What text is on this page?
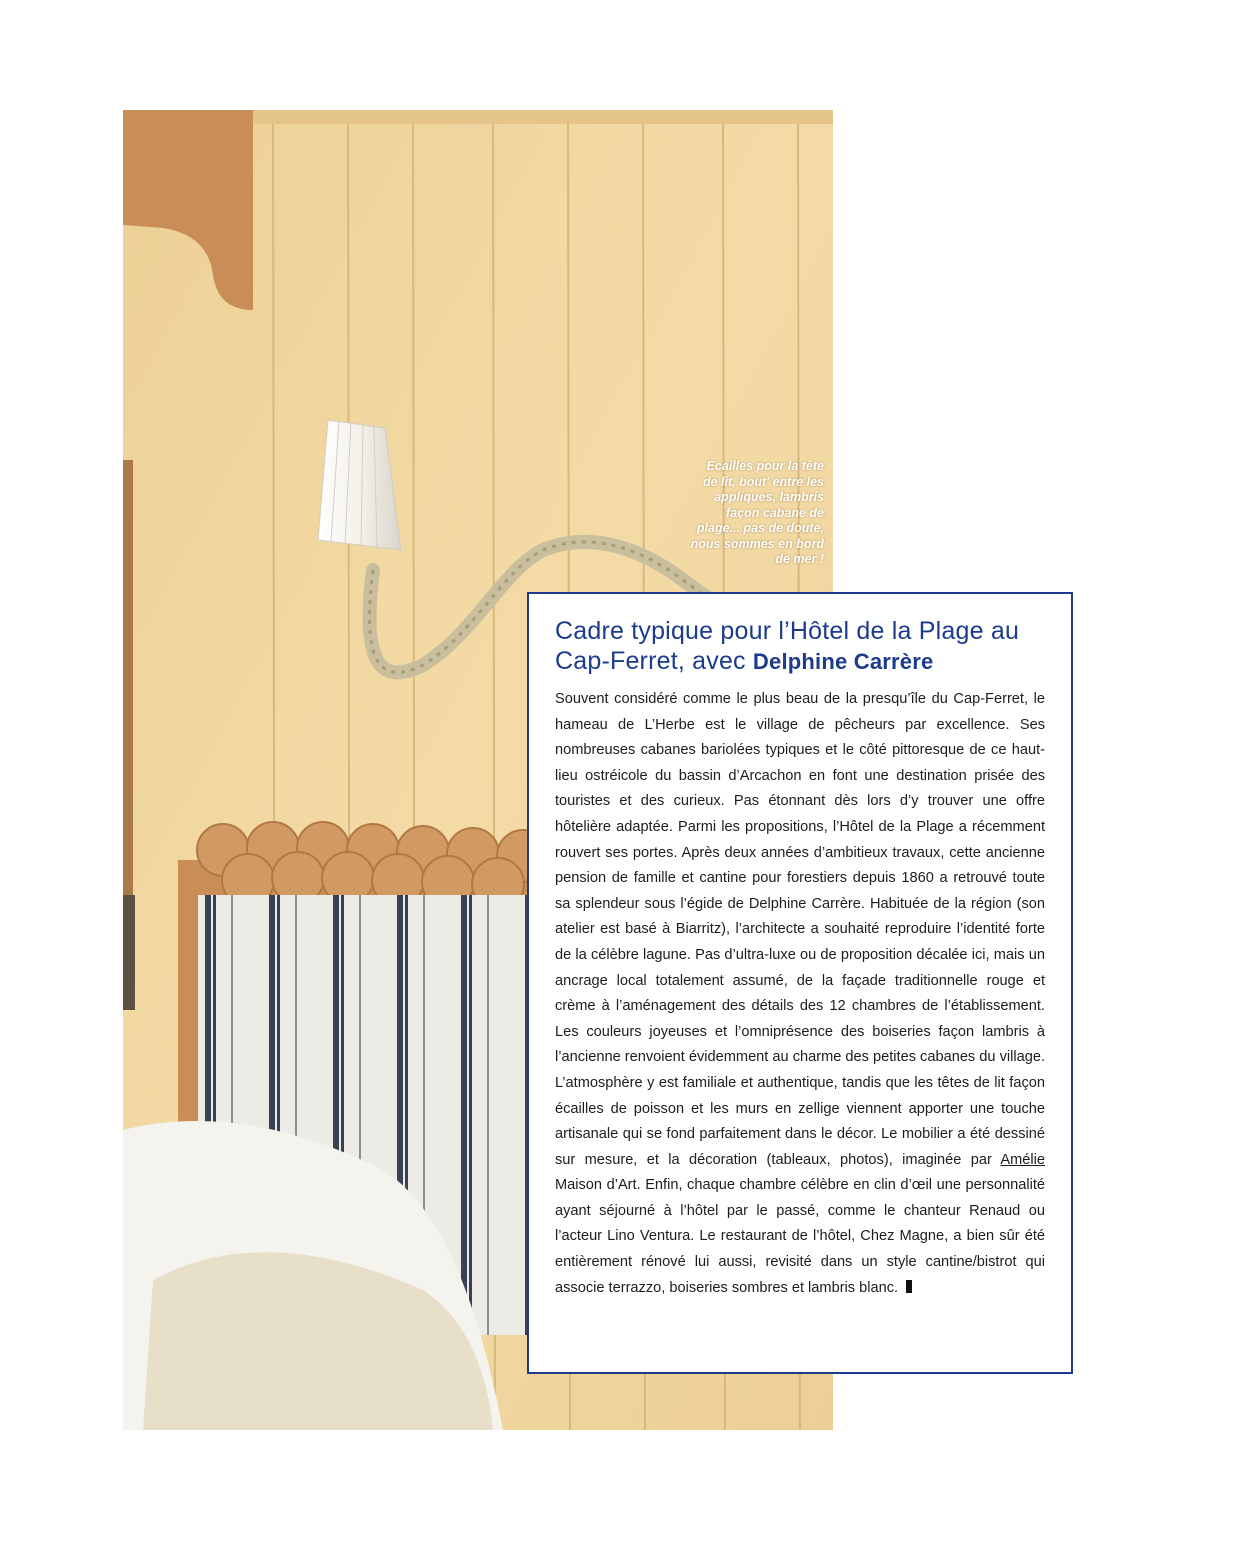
Écailles pour la tête
de lit, bout' entre les
appliques, lambris
façon cabane de
plage... pas de doute,
nous sommes en bord
de mer !
Cadre typique pour l’Hôtel de la Plage au Cap-Ferret, avec Delphine Carrère

Souvent considéré comme le plus beau de la presqu’île du Cap-Ferret, le hameau de L’Herbe est le village de pêcheurs par excellence. Ses nombreuses cabanes bariolées typiques et le côté pittoresque de ce haut-lieu ostréicole du bassin d’Arcachon en font une destination prisée des touristes et des curieux. Pas étonnant dès lors d’y trouver une offre hôtelière adaptée. Parmi les propositions, l’Hôtel de la Plage a récemment rouvert ses portes. Après deux années d’ambitieux travaux, cette ancienne pension de famille et cantine pour forestiers depuis 1860 a retrouvé toute sa splendeur sous l’égide de Delphine Carrère. Habituée de la région (son atelier est basé à Biarritz), l’architecte a souhaité reproduire l’identité forte de la célèbre lagune. Pas d’ultra-luxe ou de proposition décalée ici, mais un ancrage local totalement assumé, de la façade traditionnelle rouge et crème à l’aménagement des détails des 12 chambres de l’établissement. Les couleurs joyeuses et l’omniprésence des boiseries façon lambris à l’ancienne renvoient évidemment au charme des petites cabanes du village. L’atmosphère y est familiale et authentique, tandis que les têtes de lit façon écailles de poisson et les murs en zellige viennent apporter une touche artisanale qui se fond parfaitement dans le décor. Le mobilier a été dessiné sur mesure, et la décoration (tableaux, photos), imaginée par Amélie Maison d’Art. Enfin, chaque chambre célèbre en clin d’œil une personnalité ayant séjourné à l’hôtel par le passé, comme le chanteur Renaud ou l’acteur Lino Ventura. Le restaurant de l’hôtel, Chez Magne, a bien sûr été entièrement rénové lui aussi, revisité dans un style cantine/bistrot qui associe terrazzo, boiseries sombres et lambris blanc.
